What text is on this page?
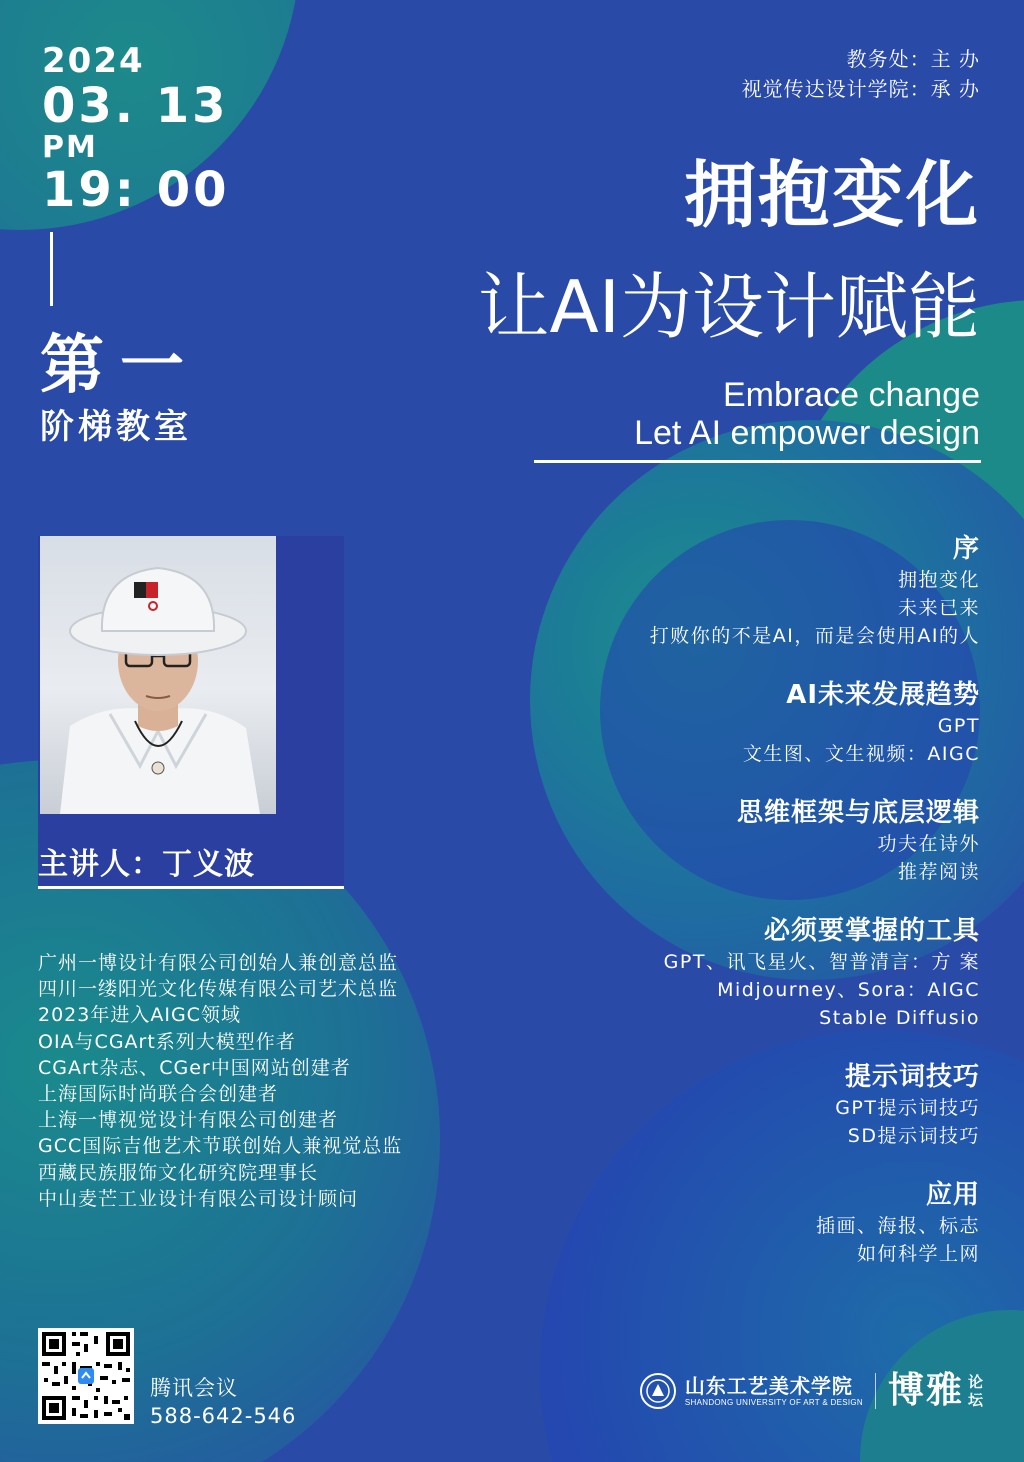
2024
03. 13
PM
19: 00
第一
阶梯教室
教务处：主 办
视觉传达设计学院：承 办
拥抱变化
让AI为设计赋能
Embrace change
Let AI empower design
主讲人：丁义波
广州一博设计有限公司创始人兼创意总监
四川一缕阳光文化传媒有限公司艺术总监
2023年进入AIGC领域
OIA与CGArt系列大模型作者
CGArt杂志、CGer中国网站创建者
上海国际时尚联合会创建者
上海一博视觉设计有限公司创建者
GCC国际吉他艺术节联创始人兼视觉总监
西藏民族服饰文化研究院理事长
中山麦芒工业设计有限公司设计顾问
序
拥抱变化
未来已来
打败你的不是AI，而是会使用AI的人
AI未来发展趋势
GPT
文生图、文生视频：AIGC
思维框架与底层逻辑
功夫在诗外
推荐阅读
必须要掌握的工具
GPT、讯飞星火、智普清言：方 案
Midjourney、Sora：AIGC
Stable Diffusio
提示词技巧
GPT提示词技巧
SD提示词技巧
应用
插画、海报、标志
如何科学上网
腾讯会议
588-642-546
山东工艺美术学院
SHANDONG UNIVERSITY OF ART & DESIGN 博雅 论坛
